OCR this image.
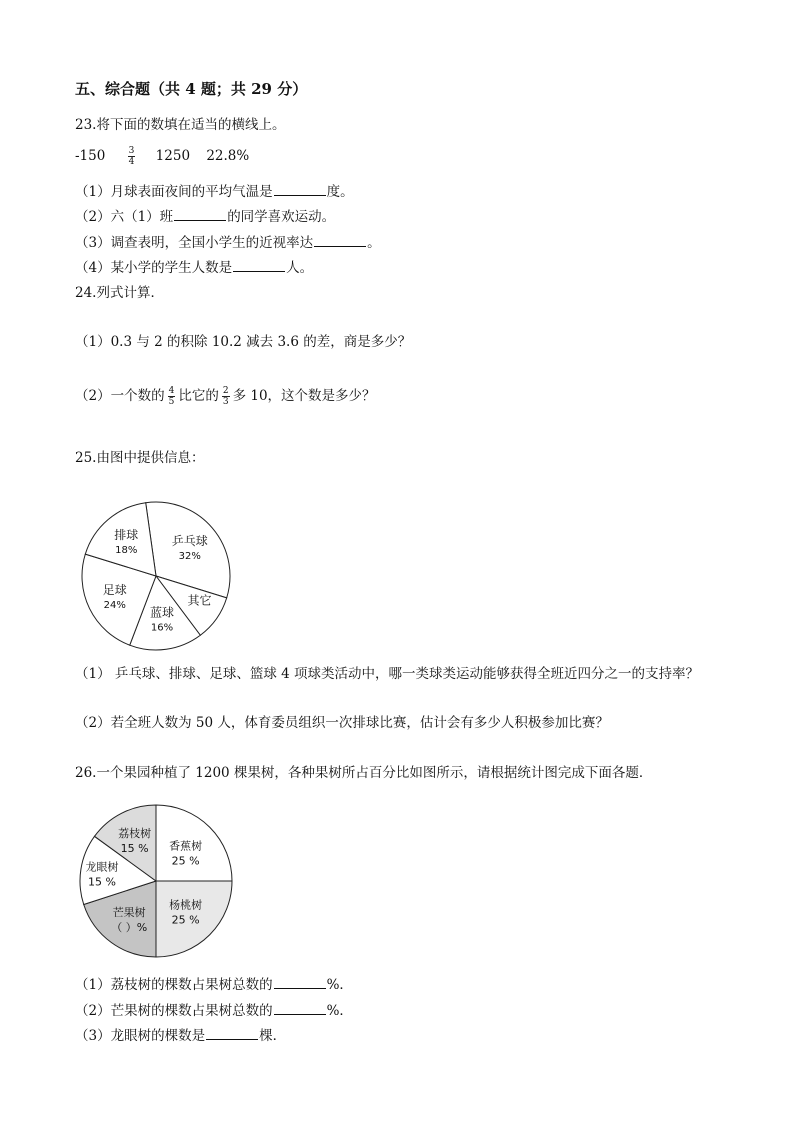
五、综合题（共 4 题；共 29 分）
23.将下面的数填在适当的横线上。
$-150 \frac{3}{4} 1250$ 22.8%
（1）月球表面夜间的平均气温是	度。
（2）六（1）班	的同学喜欢运动。
（3）调查表明，全国小学生的近视率达	。
（4）某小学的学生人数是	人。
24.列式计算．
（1）0.3 与 2 的积除 10.2 减去 3.6 的差，商是多少？
（2）一个数的 $\frac{4}{5}$ 比它的 $\frac{2}{3}$ 多 10，这个数是多少？
25.由图中提供信息：
乒乓球
32%
其它
蓝球
16%
足球
24%
排球
18%
（1） 乒乓球、排球、足球、篮球 4 项球类活动中，哪一类球类运动能够获得全班近四分之一的支持率？
（2）若全班人数为 50 人，体育委员组织一次排球比赛，估计会有多少人积极参加比赛？
26.一个果园种植了 1200 棵果树，各种果树所占百分比如图所示，请根据统计图完成下面各题．
香蕉树
25 %
杨桃树
25 %
芒果树
（ ）%
龙眼树
15 %
荔枝树
15 %
（1）荔枝树的棵数占果树总数的	%．
（2）芒果树的棵数占果树总数的	%．
（3）龙眼树的棵数是	棵．
